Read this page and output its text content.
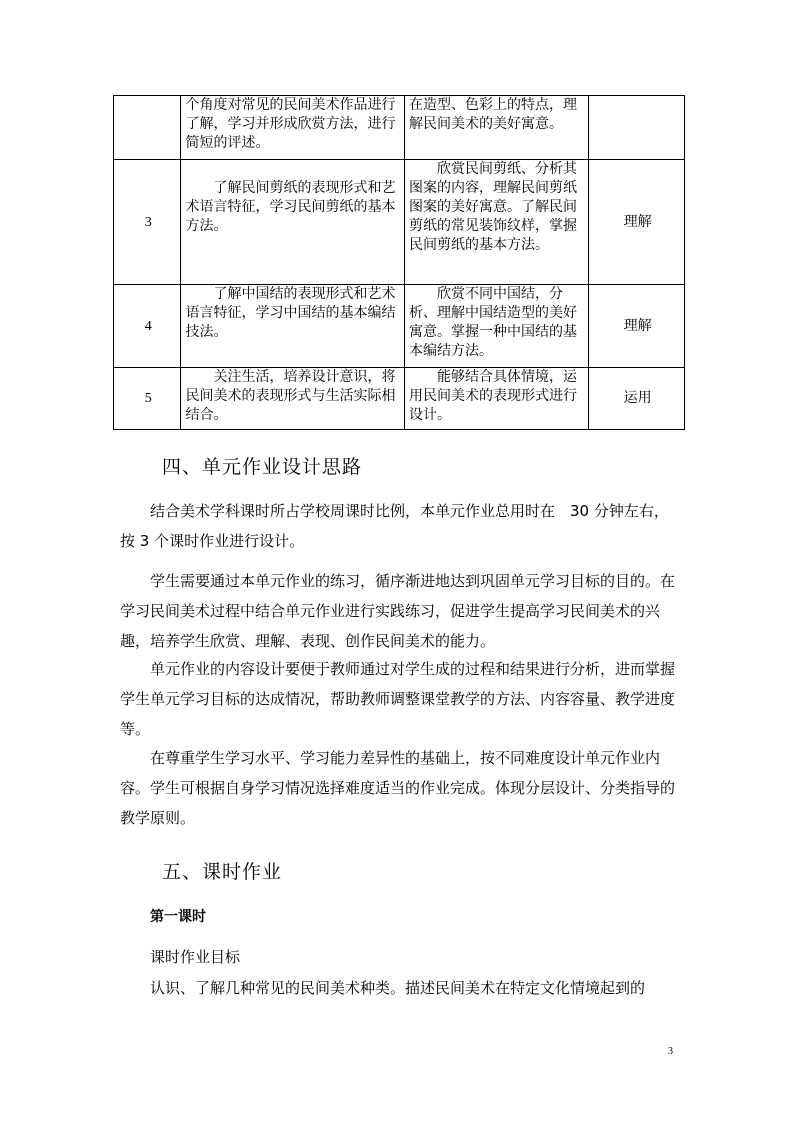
	个角度对常见的民间美术作品进行了解，学习并形成欣赏方法，进行简短的评述。	在造型、色彩上的特点，理解民间美术的美好寓意。	
3	了解民间剪纸的表现形式和艺术语言特征，学习民间剪纸的基本方法。	欣赏民间剪纸、分析其图案的内容，理解民间剪纸图案的美好寓意。了解民间剪纸的常见装饰纹样，掌握民间剪纸的基本方法。	理解
4	了解中国结的表现形式和艺术语言特征，学习中国结的基本编结技法。	欣赏不同中国结，分析、理解中国结造型的美好寓意。掌握一种中国结的基本编结方法。	理解
5	关注生活，培养设计意识，将民间美术的表现形式与生活实际相结合。	能够结合具体情境，运用民间美术的表现形式进行设计。	运用
四、单元作业设计思路

结合美术学科课时所占学校周课时比例，本单元作业总用时在　30 分钟左右，按 3 个课时作业进行设计。

学生需要通过本单元作业的练习，循序渐进地达到巩固单元学习目标的目的。在学习民间美术过程中结合单元作业进行实践练习，促进学生提高学习民间美术的兴趣，培养学生欣赏、理解、表现、创作民间美术的能力。

单元作业的内容设计要便于教师通过对学生成的过程和结果进行分析，进而掌握学生单元学习目标的达成情况，帮助教师调整课堂教学的方法、内容容量、教学进度等。

在尊重学生学习水平、学习能力差异性的基础上，按不同难度设计单元作业内容。学生可根据自身学习情况选择难度适当的作业完成。体现分层设计、分类指导的教学原则。

五、课时作业
第一课时
课时作业目标
认识、了解几种常见的民间美术种类。描述民间美术在特定文化情境起到的
3
